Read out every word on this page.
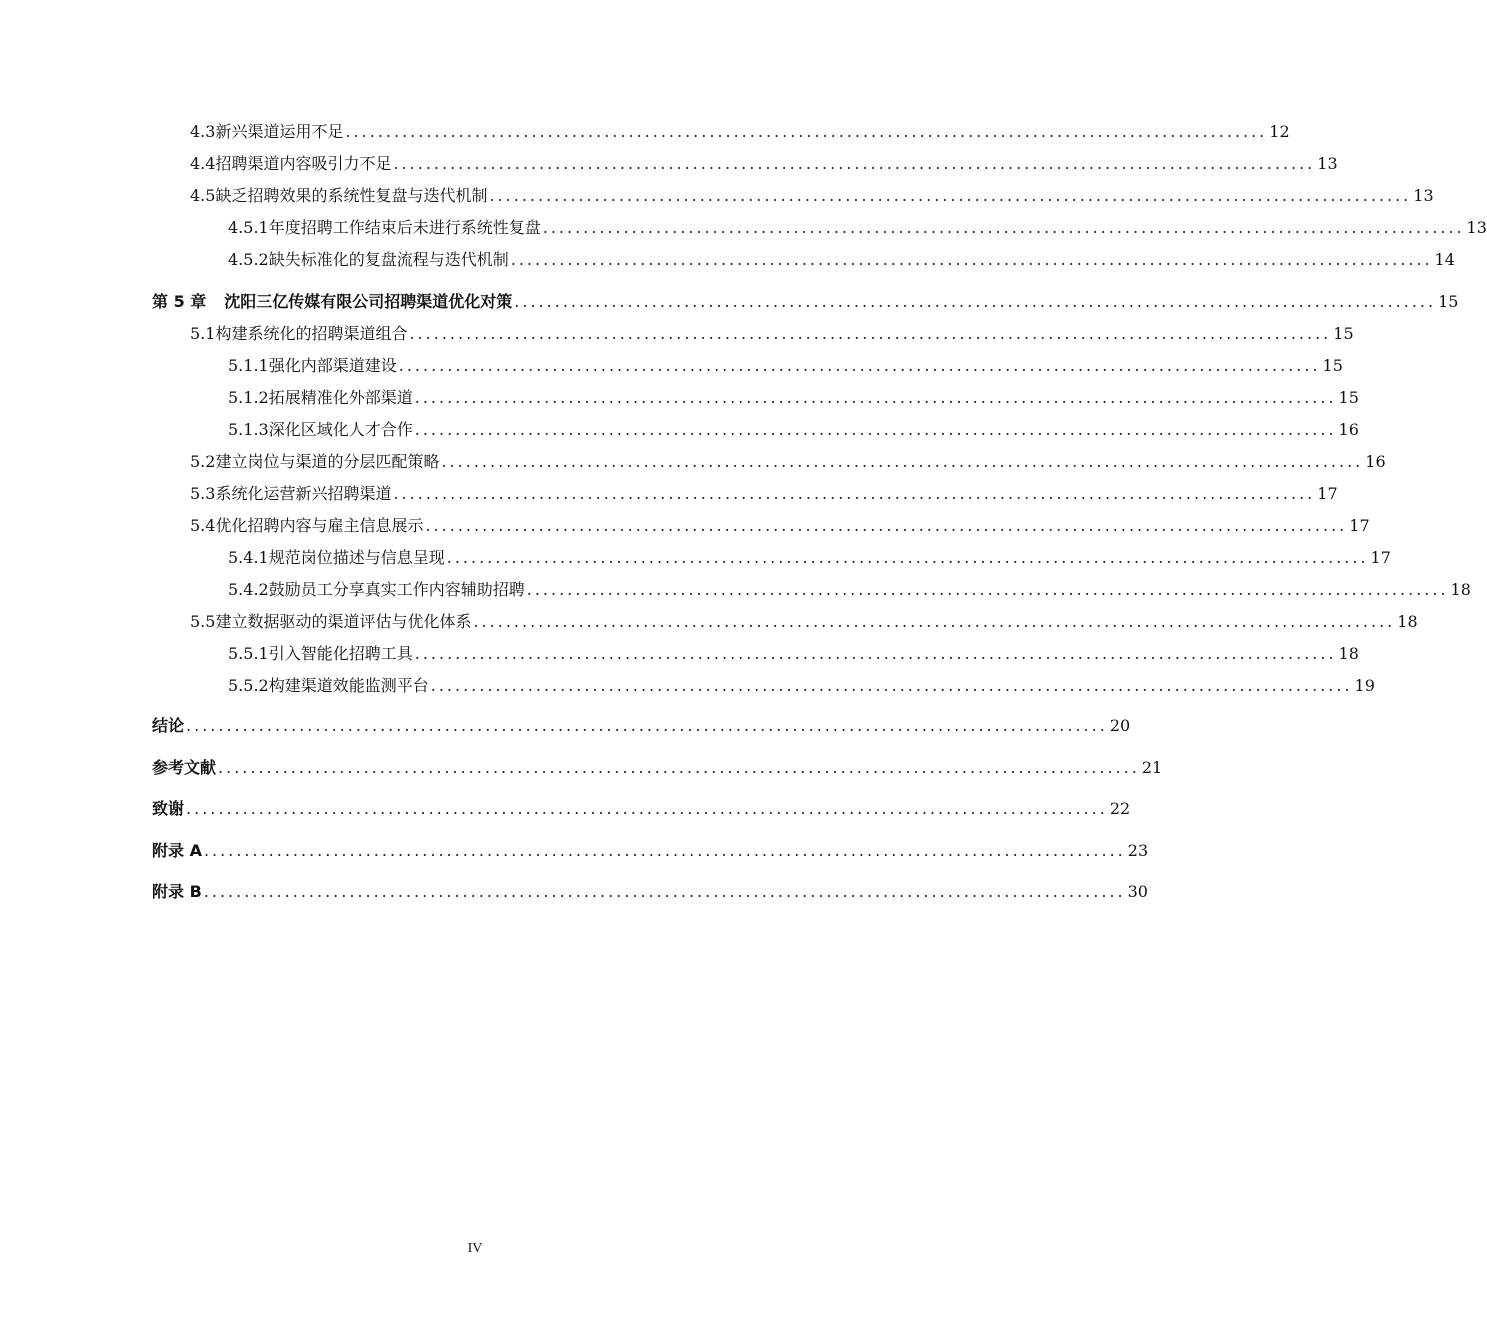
4.3 新兴渠道运用不足 .................................................................................................................. 12
4.4 招聘渠道内容吸引力不足 .................................................................................................................. 13
4.5 缺乏招聘效果的系统性复盘与迭代机制 .................................................................................................................. 13
4.5.1 年度招聘工作结束后未进行系统性复盘 .................................................................................................................. 13
4.5.2 缺失标准化的复盘流程与迭代机制 .................................................................................................................. 14
第 5 章 沈阳三亿传媒有限公司招聘渠道优化对策 .................................................................................................................. 15
5.1 构建系统化的招聘渠道组合 .................................................................................................................. 15
5.1.1 强化内部渠道建设 .................................................................................................................. 15
5.1.2 拓展精准化外部渠道 .................................................................................................................. 15
5.1.3 深化区域化人才合作 .................................................................................................................. 16
5.2 建立岗位与渠道的分层匹配策略 .................................................................................................................. 16
5.3 系统化运营新兴招聘渠道 .................................................................................................................. 17
5.4 优化招聘内容与雇主信息展示 .................................................................................................................. 17
5.4.1 规范岗位描述与信息呈现 .................................................................................................................. 17
5.4.2 鼓励员工分享真实工作内容辅助招聘 .................................................................................................................. 18
5.5 建立数据驱动的渠道评估与优化体系 .................................................................................................................. 18
5.5.1 引入智能化招聘工具 .................................................................................................................. 18
5.5.2 构建渠道效能监测平台 .................................................................................................................. 19
结论 .................................................................................................................. 20
参考文献 .................................................................................................................. 21
致谢 .................................................................................................................. 22
附录 A .................................................................................................................. 23
附录 B .................................................................................................................. 30
IV
